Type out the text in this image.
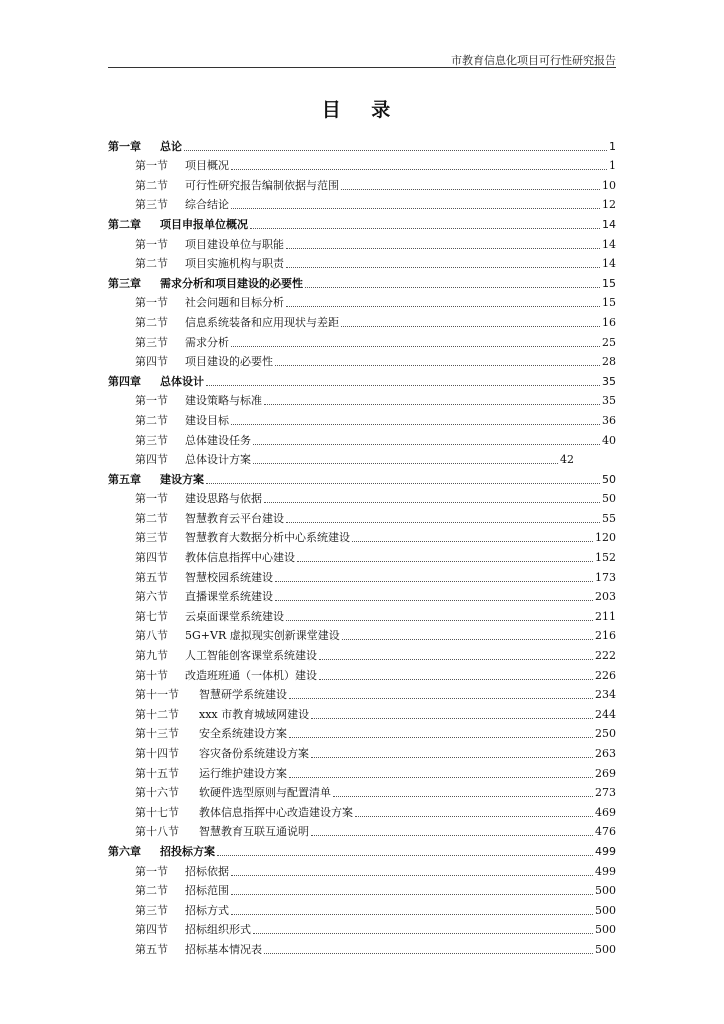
市教育信息化项目可行性研究报告
目 录
第一章	总论	1
第一节	项目概况	1
第二节	可行性研究报告编制依据与范围	10
第三节	综合结论	12
第二章	项目申报单位概况	14
第一节	项目建设单位与职能	14
第二节	项目实施机构与职责	14
第三章	需求分析和项目建设的必要性	15
第一节	社会问题和目标分析	15
第二节	信息系统装备和应用现状与差距	16
第三节	需求分析	25
第四节	项目建设的必要性	28
第四章	总体设计	35
第一节	建设策略与标准	35
第二节	建设目标	36
第三节	总体建设任务	40
第四节	总体设计方案	42
第五章	建设方案	50
第一节	建设思路与依据	50
第二节	智慧教育云平台建设	55
第三节	智慧教育大数据分析中心系统建设	120
第四节	教体信息指挥中心建设	152
第五节	智慧校园系统建设	173
第六节	直播课堂系统建设	203
第七节	云桌面课堂系统建设	211
第八节	5G+VR 虚拟现实创新课堂建设	216
第九节	人工智能创客课堂系统建设	222
第十节	改造班班通（一体机）建设	226
第十一节	智慧研学系统建设	234
第十二节	xxx 市教育城域网建设	244
第十三节	安全系统建设方案	250
第十四节	容灾备份系统建设方案	263
第十五节	运行维护建设方案	269
第十六节	软硬件选型原则与配置清单	273
第十七节	教体信息指挥中心改造建设方案	469
第十八节	智慧教育互联互通说明	476
第六章	招投标方案	499
第一节	招标依据	499
第二节	招标范围	500
第三节	招标方式	500
第四节	招标组织形式	500
第五节	招标基本情况表	500
